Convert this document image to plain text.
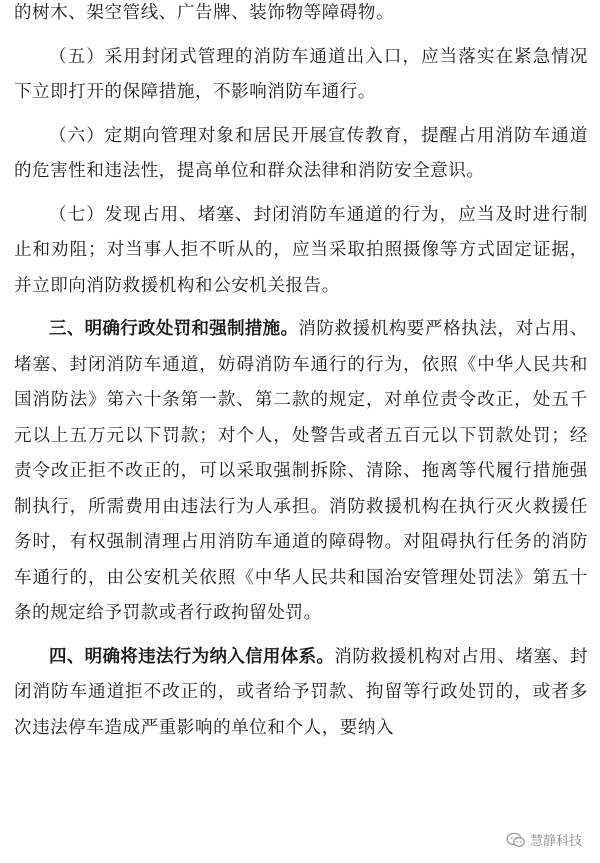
的树木、架空管线、广告牌、装饰物等障碍物。

（五）采用封闭式管理的消防车通道出入口，应当落实在紧急情况下立即打开的保障措施，不影响消防车通行。

（六）定期向管理对象和居民开展宣传教育，提醒占用消防车通道的危害性和违法性，提高单位和群众法律和消防安全意识。

（七）发现占用、堵塞、封闭消防车通道的行为，应当及时进行制止和劝阻；对当事人拒不听从的，应当采取拍照摄像等方式固定证据，并立即向消防救援机构和公安机关报告。

三、明确行政处罚和强制措施。消防救援机构要严格执法，对占用、堵塞、封闭消防车通道，妨碍消防车通行的行为，依照《中华人民共和国消防法》第六十条第一款、第二款的规定，对单位责令改正，处五千元以上五万元以下罚款；对个人，处警告或者五百元以下罚款处罚；经责令改正拒不改正的，可以采取强制拆除、清除、拖离等代履行措施强制执行，所需费用由违法行为人承担。消防救援机构在执行灭火救援任务时，有权强制清理占用消防车通道的障碍物。对阻碍执行任务的消防车通行的，由公安机关依照《中华人民共和国治安管理处罚法》第五十条的规定给予罚款或者行政拘留处罚。

四、明确将违法行为纳入信用体系。消防救援机构对占用、堵塞、封闭消防车通道拒不改正的，或者给予罚款、拘留等行政处罚的，或者多次违法停车造成严重影响的单位和个人，要纳入

慧静科技
